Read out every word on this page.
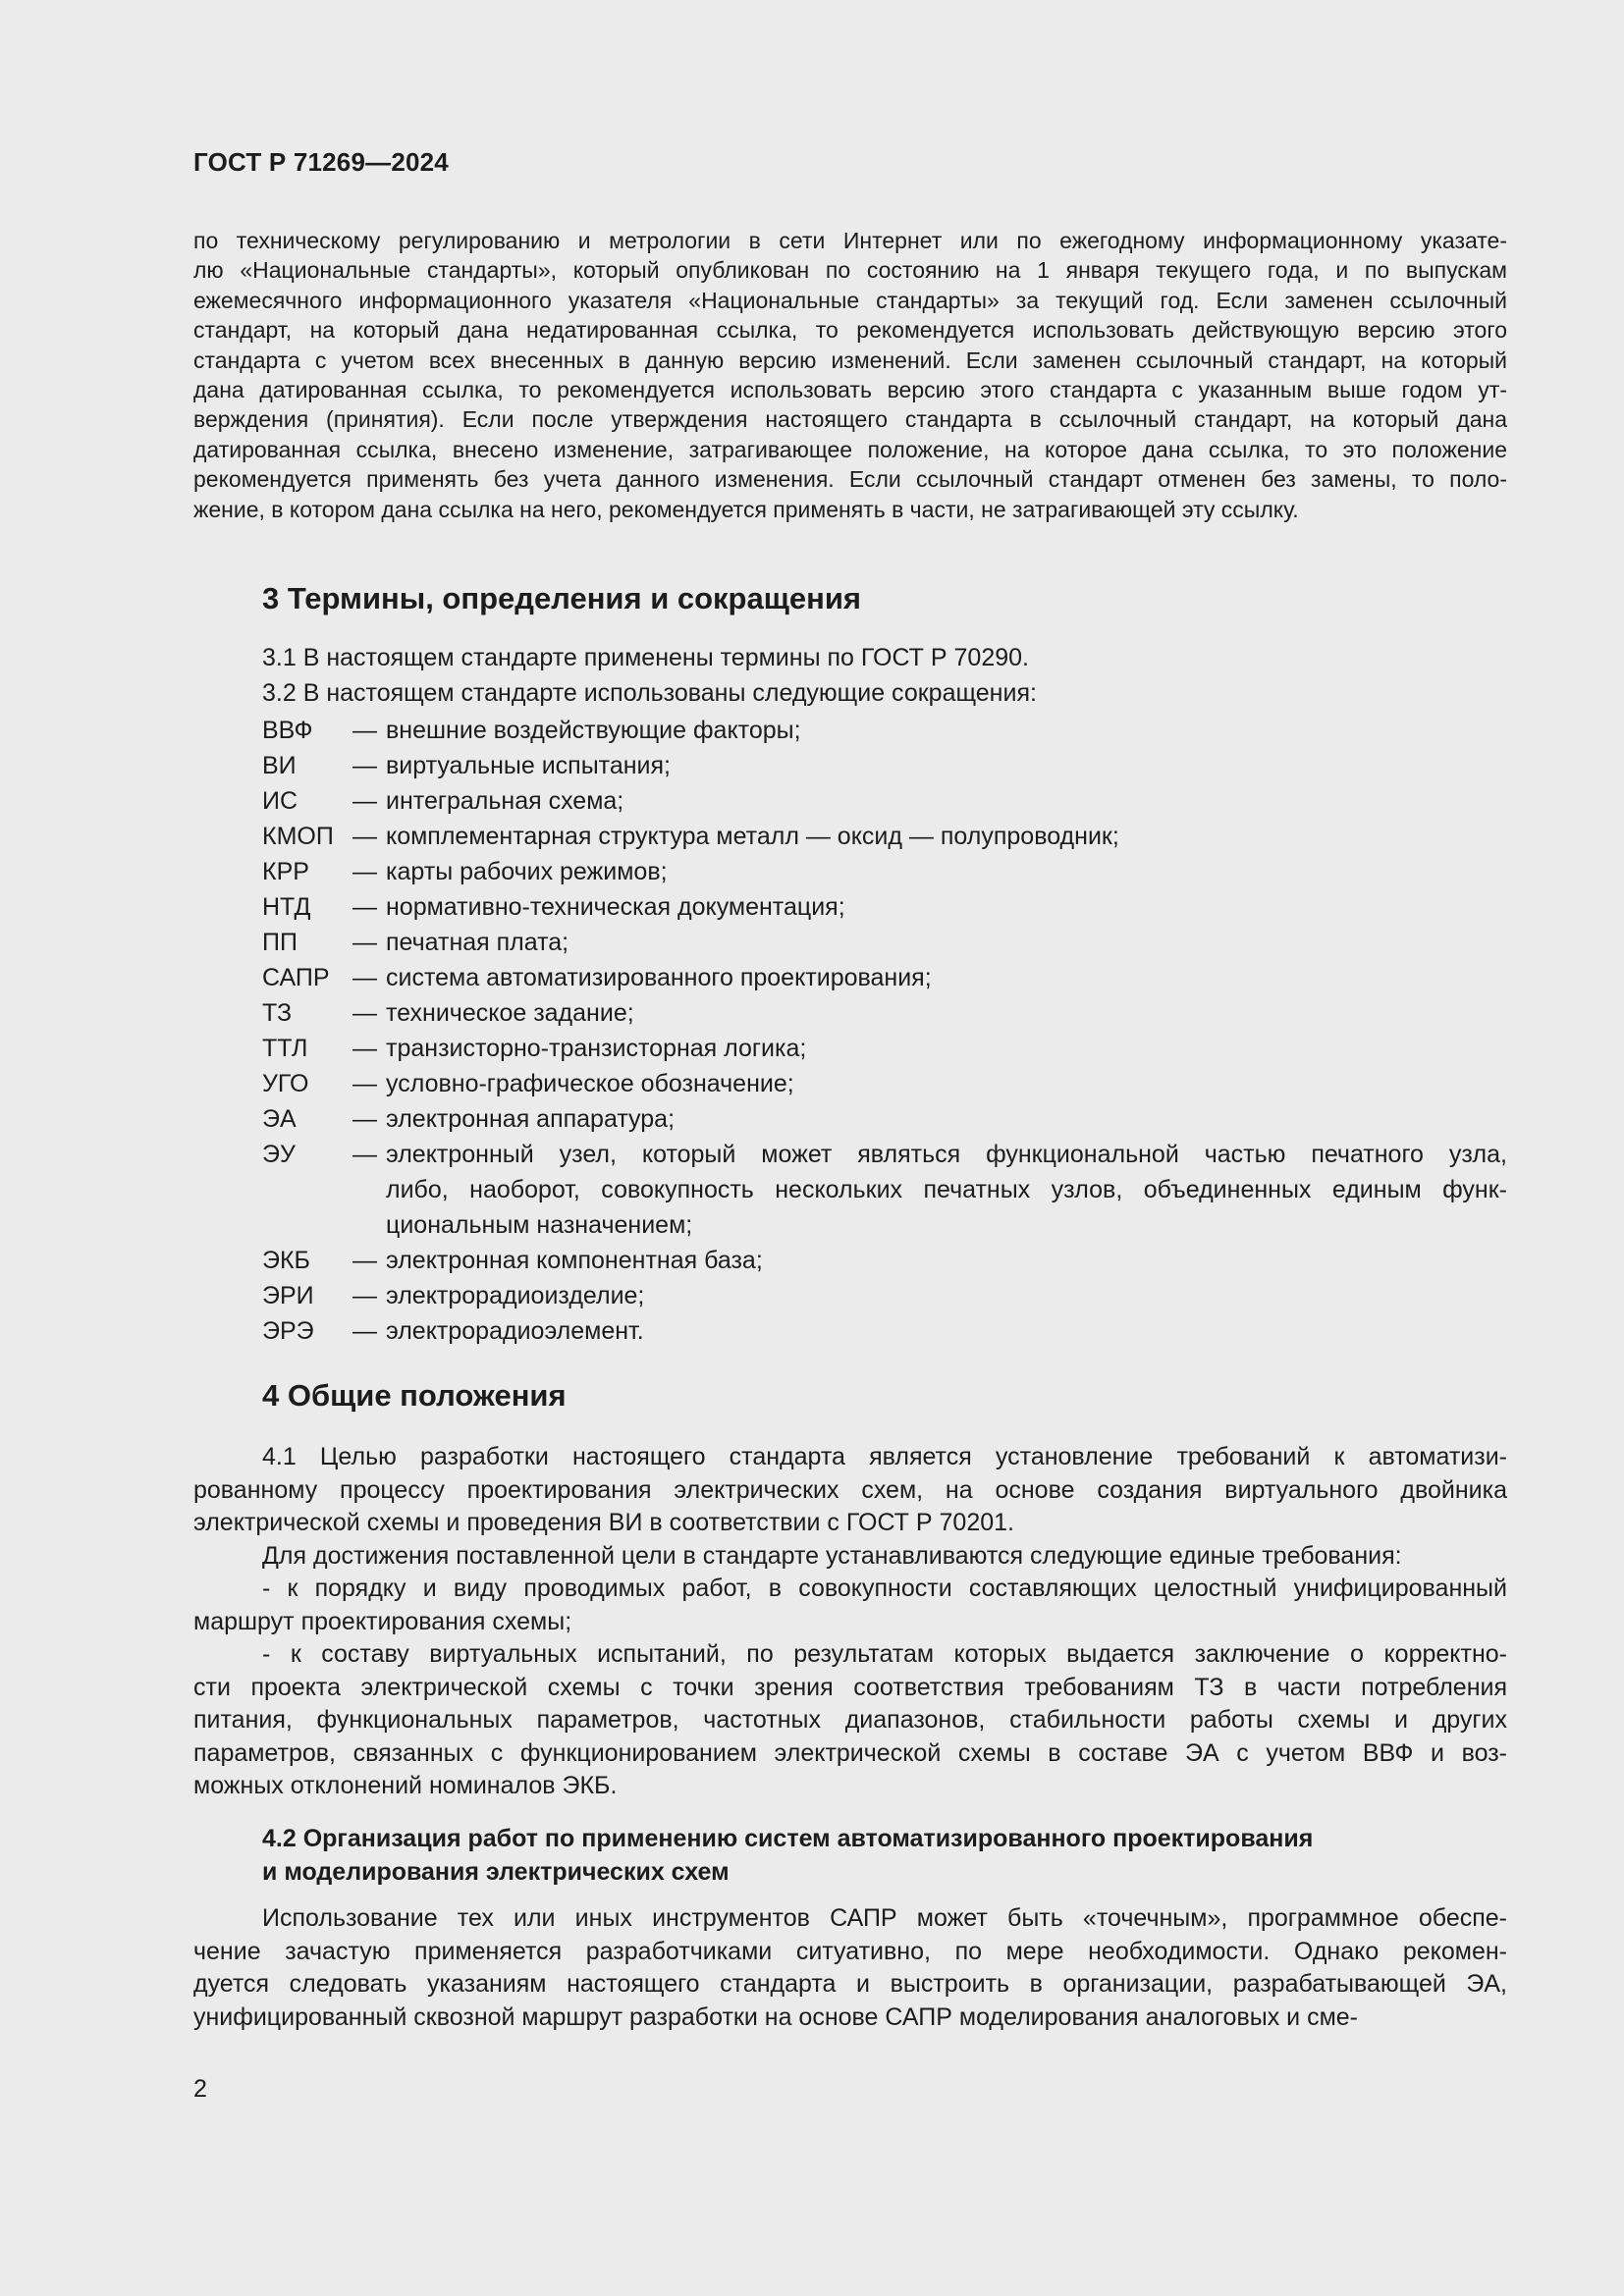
ГОСТ Р 71269—2024
по техническому регулированию и метрологии в сети Интернет или по ежегодному информационному указате-
лю «Национальные стандарты», который опубликован по состоянию на 1 января текущего года, и по выпускам
ежемесячного информационного указателя «Национальные стандарты» за текущий год. Если заменен ссылочный
стандарт, на который дана недатированная ссылка, то рекомендуется использовать действующую версию этого
стандарта с учетом всех внесенных в данную версию изменений. Если заменен ссылочный стандарт, на который
дана датированная ссылка, то рекомендуется использовать версию этого стандарта с указанным выше годом ут-
верждения (принятия). Если после утверждения настоящего стандарта в ссылочный стандарт, на который дана
датированная ссылка, внесено изменение, затрагивающее положение, на которое дана ссылка, то это положение
рекомендуется применять без учета данного изменения. Если ссылочный стандарт отменен без замены, то поло-
жение, в котором дана ссылка на него, рекомендуется применять в части, не затрагивающей эту ссылку.
3 Термины, определения и сокращения
3.1 В настоящем стандарте применены термины по ГОСТ Р 70290.
3.2 В настоящем стандарте использованы следующие сокращения:
ВВФ	— внешние воздействующие факторы;
ВИ	— виртуальные испытания;
ИС	— интегральная схема;
КМОП — комплементарная структура металл — оксид — полупроводник;
КРР	— карты рабочих режимов;
НТД	— нормативно-техническая документация;
ПП	— печатная плата;
САПР — система автоматизированного проектирования;
ТЗ	— техническое задание;
ТТЛ	— транзисторно-транзисторная логика;
УГО	— условно-графическое обозначение;
ЭА	— электронная аппаратура;
ЭУ	— электронный узел, который может являться функциональной частью печатного узла,
либо, наоборот, совокупность нескольких печатных узлов, объединенных единым функ-
циональным назначением;
ЭКБ	— электронная компонентная база;
ЭРИ	— электрорадиоизделие;
ЭРЭ	— электрорадиоэлемент.
4 Общие положения
4.1 Целью разработки настоящего стандарта является установление требований к автоматизи-
рованному процессу проектирования электрических схем, на основе создания виртуального двойника
электрической схемы и проведения ВИ в соответствии с ГОСТ Р 70201.
Для достижения поставленной цели в стандарте устанавливаются следующие единые требования:
- к порядку и виду проводимых работ, в совокупности составляющих целостный унифицированный
маршрут проектирования схемы;
- к составу виртуальных испытаний, по результатам которых выдается заключение о корректно-
сти проекта электрической схемы с точки зрения соответствия требованиям ТЗ в части потребления
питания, функциональных параметров, частотных диапазонов, стабильности работы схемы и других
параметров, связанных с функционированием электрической схемы в составе ЭА с учетом ВВФ и воз-
можных отклонений номиналов ЭКБ.
4.2 Организация работ по применению систем автоматизированного проектирования
и моделирования электрических схем
Использование тех или иных инструментов САПР может быть «точечным», программное обеспе-
чение зачастую применяется разработчиками ситуативно, по мере необходимости. Однако рекомен-
дуется следовать указаниям настоящего стандарта и выстроить в организации, разрабатывающей ЭА,
унифицированный сквозной маршрут разработки на основе САПР моделирования аналоговых и сме-
2
